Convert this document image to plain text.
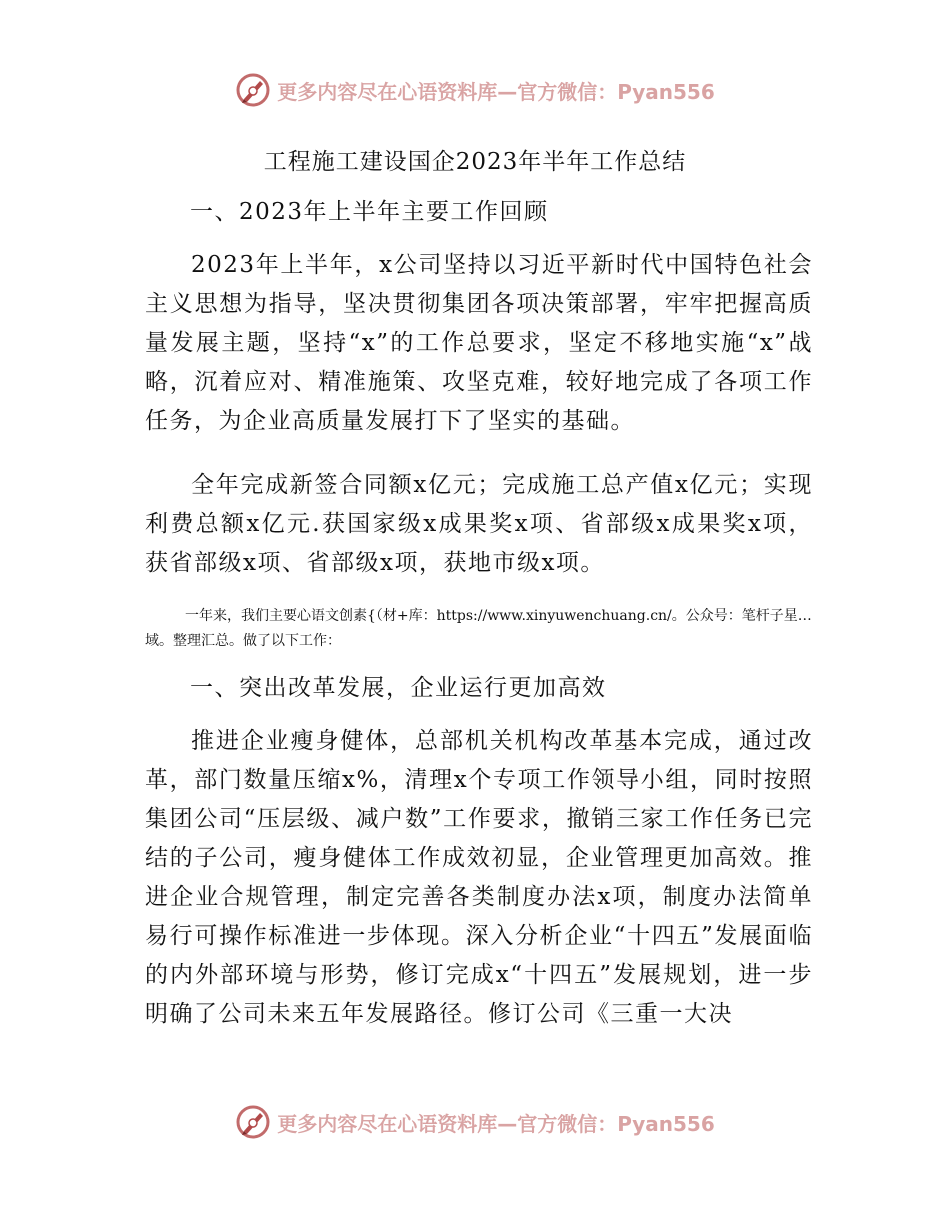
更多内容尽在心语资料库—官方微信：Pyan556
工程施工建设国企2023年半年工作总结

一、2023年上半年主要工作回顾

2023年上半年，x公司坚持以习近平新时代中国特色社会主义思想为指导，坚决贯彻集团各项决策部署，牢牢把握高质量发展主题，坚持“x”的工作总要求，坚定不移地实施“x”战略，沉着应对、精准施策、攻坚克难，较好地完成了各项工作任务，为企业高质量发展打下了坚实的基础。

全年完成新签合同额x亿元；完成施工总产值x亿元；实现利费总额x亿元.获国家级x成果奖x项、省部级x成果奖x项，获省部级x项、省部级x项，获地市级x项。

一年来，我们主要心语文创素{（材+库：https://www.xinyuwenchuang.cn/。公众号：笔杆子星…域。整理汇总。做了以下工作：

一、突出改革发展，企业运行更加高效

推进企业瘦身健体，总部机关机构改革基本完成，通过改革，部门数量压缩x%，清理x个专项工作领导小组，同时按照集团公司“压层级、减户数”工作要求，撤销三家工作任务已完结的子公司，瘦身健体工作成效初显，企业管理更加高效。推进企业合规管理，制定完善各类制度办法x项，制度办法简单易行可操作标准进一步体现。深入分析企业“十四五”发展面临的内外部环境与形势，修订完成x“十四五”发展规划，进一步明确了公司未来五年发展路径。修订公司《三重一大决

更多内容尽在心语资料库—官方微信：Pyan556
